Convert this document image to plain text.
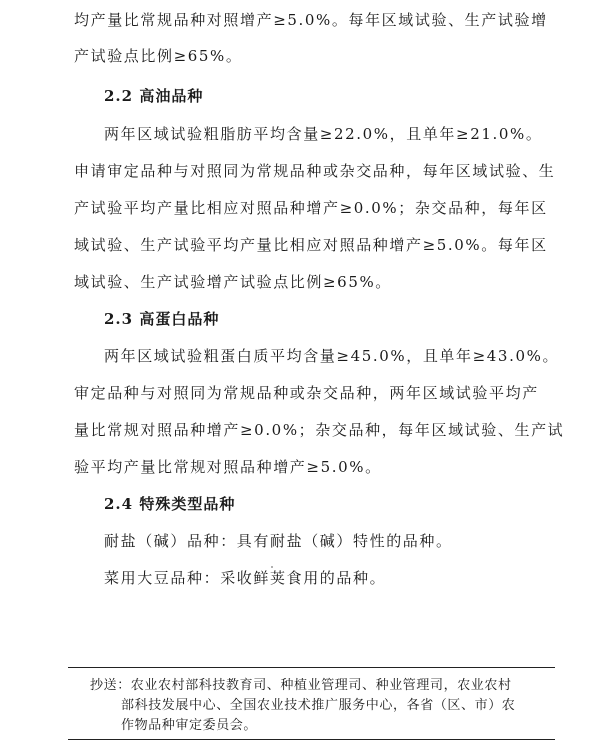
均产量比常规品种对照增产≥5.0%。每年区域试验、生产试验增
产试验点比例≥65%。
2.2 高油品种
两年区域试验粗脂肪平均含量≥22.0%，且单年≥21.0%。
申请审定品种与对照同为常规品种或杂交品种，每年区域试验、生
产试验平均产量比相应对照品种增产≥0.0%；杂交品种，每年区
域试验、生产试验平均产量比相应对照品种增产≥5.0%。每年区
域试验、生产试验增产试验点比例≥65%。
2.3 高蛋白品种
两年区域试验粗蛋白质平均含量≥45.0%，且单年≥43.0%。
审定品种与对照同为常规品种或杂交品种，两年区域试验平均产
量比常规对照品种增产≥0.0%；杂交品种，每年区域试验、生产试
验平均产量比常规对照品种增产≥5.0%。
2.4 特殊类型品种
耐盐（碱）品种：具有耐盐（碱）特性的品种。
菜用大豆品种：采收鲜荚食用的品种。
抄送：农业农村部科技教育司、种植业管理司、种业管理司，农业农村
部科技发展中心、全国农业技术推广服务中心，各省（区、市）农
作物品种审定委员会。
